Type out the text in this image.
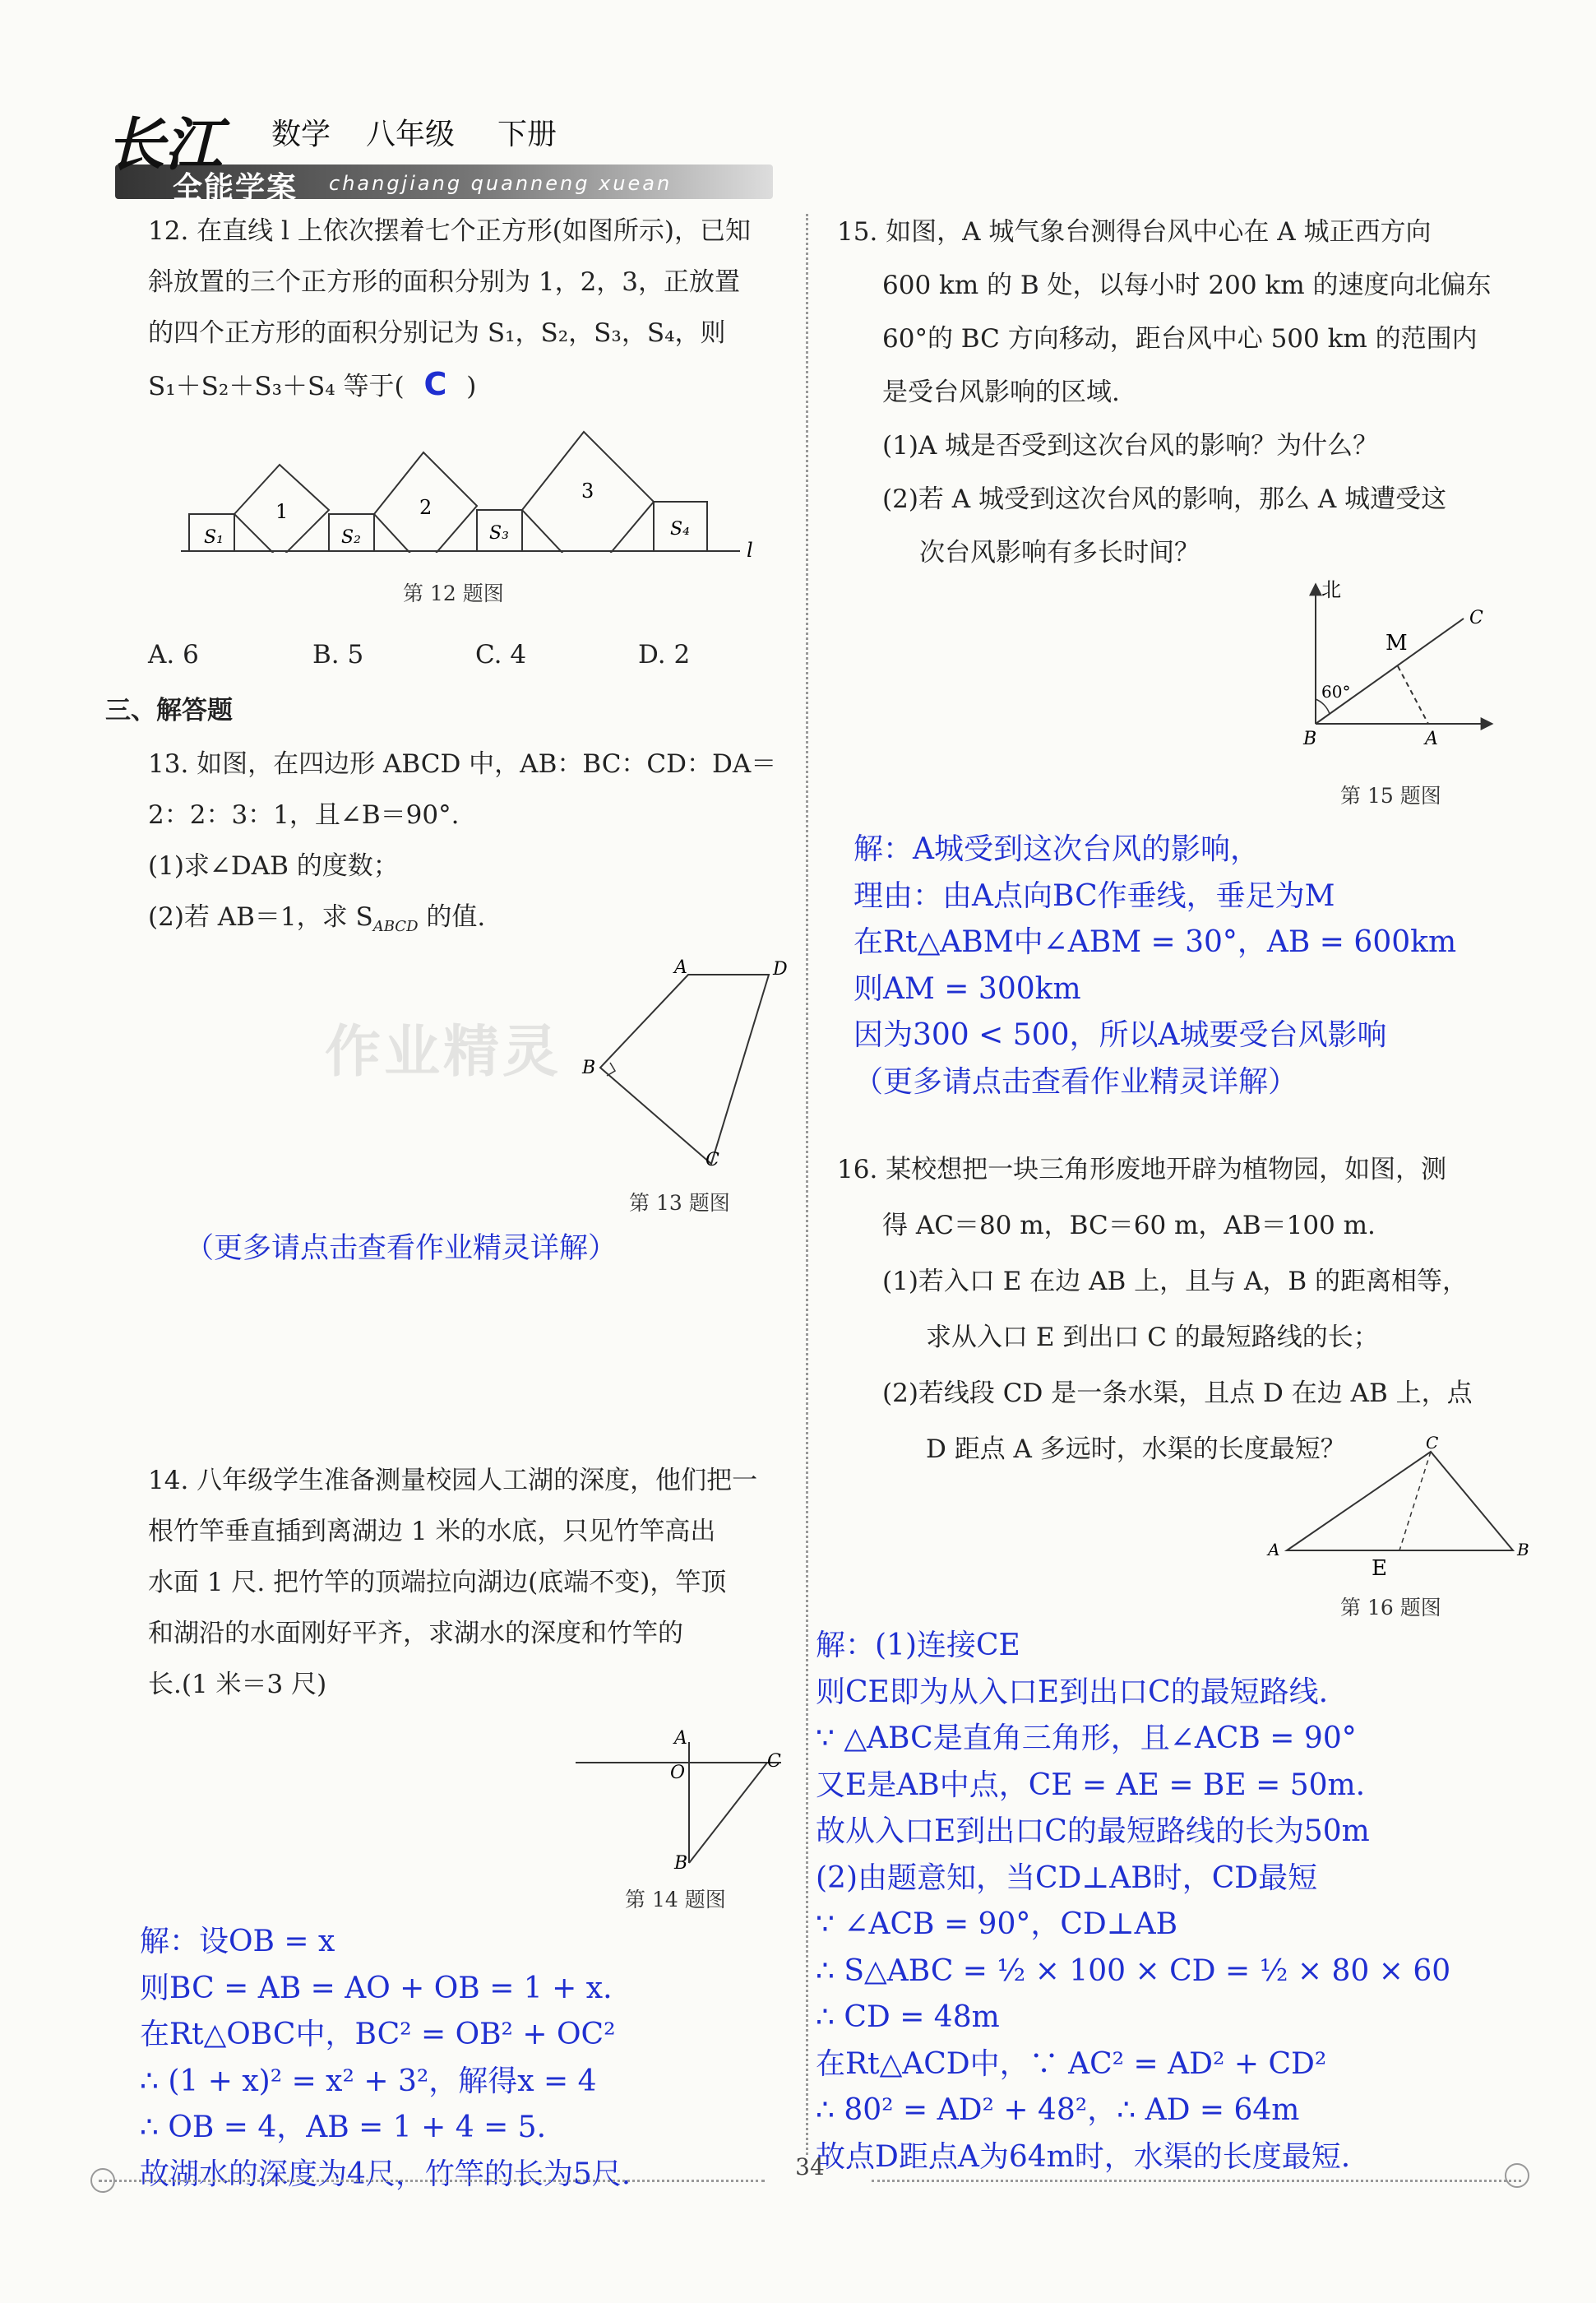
长江
全能学案 changjiang quanneng xuean
数学 八年级 下册
12. 在直线 l 上依次摆着七个正方形(如图所示)，已知
斜放置的三个正方形的面积分别为 1，2，3，正放置
的四个正方形的面积分别记为 S₁，S₂，S₃，S₄，则
S₁＋S₂＋S₃＋S₄ 等于( C )
S₁	S₂	S₃	S₄
1	2
3
l
第 12 题图
A. 6	B. 5	C. 4	D. 2
三、解答题
13. 如图，在四边形 ABCD 中，AB：BC：CD：DA＝
2：2：3：1，且∠B＝90°.
(1)求∠DAB 的度数；
(2)若 AB＝1，求 $S_{ABCD}$ 的值.
作业精灵
A	D
B
C
第 13 题图
（更多请点击查看作业精灵详解）
14. 八年级学生准备测量校园人工湖的深度，他们把一
根竹竿垂直插到离湖边 1 米的水底，只见竹竿高出
水面 1 尺. 把竹竿的顶端拉向湖边(底端不变)，竿顶
和湖沿的水面刚好平齐，求湖水的深度和竹竿的
长.(1 米＝3 尺)
A
O
C
B
第 14 题图
解：设OB = x
则BC = AB = AO + OB = 1 + x.
在Rt△OBC中，BC² = OB² + OC²
∴ (1 + x)² = x² + 3²，解得x = 4
∴ OB = 4，AB = 1 + 4 = 5.
故湖水的深度为4尺，竹竿的长为5尺.
15. 如图，A 城气象台测得台风中心在 A 城正西方向
600 km 的 B 处，以每小时 200 km 的速度向北偏东
60°的 BC 方向移动，距台风中心 500 km 的范围内
是受台风影响的区域.
(1)A 城是否受到这次台风的影响？为什么？
(2)若 A 城受到这次台风的影响，那么 A 城遭受这
次台风影响有多长时间？
北
M
C
60°
B	A
第 15 题图
解：A城受到这次台风的影响，
理由：由A点向BC作垂线，垂足为M
在Rt△ABM中∠ABM = 30°，AB = 600km
则AM = 300km
因为300 < 500，所以A城要受台风影响
（更多请点击查看作业精灵详解）
16. 某校想把一块三角形废地开辟为植物园，如图，测
得 AC＝80 m，BC＝60 m，AB＝100 m.
(1)若入口 E 在边 AB 上，且与 A，B 的距离相等，
求从入口 E 到出口 C 的最短路线的长；
(2)若线段 CD 是一条水渠，且点 D 在边 AB 上，点
D 距点 A 多远时，水渠的长度最短？
A
C
B
E
第 16 题图
解：(1)连接CE
则CE即为从入口E到出口C的最短路线.
∵ △ABC是直角三角形，且∠ACB = 90°
又E是AB中点，CE = AE = BE = 50m.
故从入口E到出口C的最短路线的长为50m
(2)由题意知，当CD⊥AB时，CD最短
∵ ∠ACB = 90°，CD⊥AB
∴ S△ABC = ½ × 100 × CD = ½ × 80 × 60
∴ CD = 48m
在Rt△ACD中，∵ AC² = AD² + CD²
∴ 80² = AD² + 48²，∴ AD = 64m
故点D距点A为64m时，水渠的长度最短.
34
